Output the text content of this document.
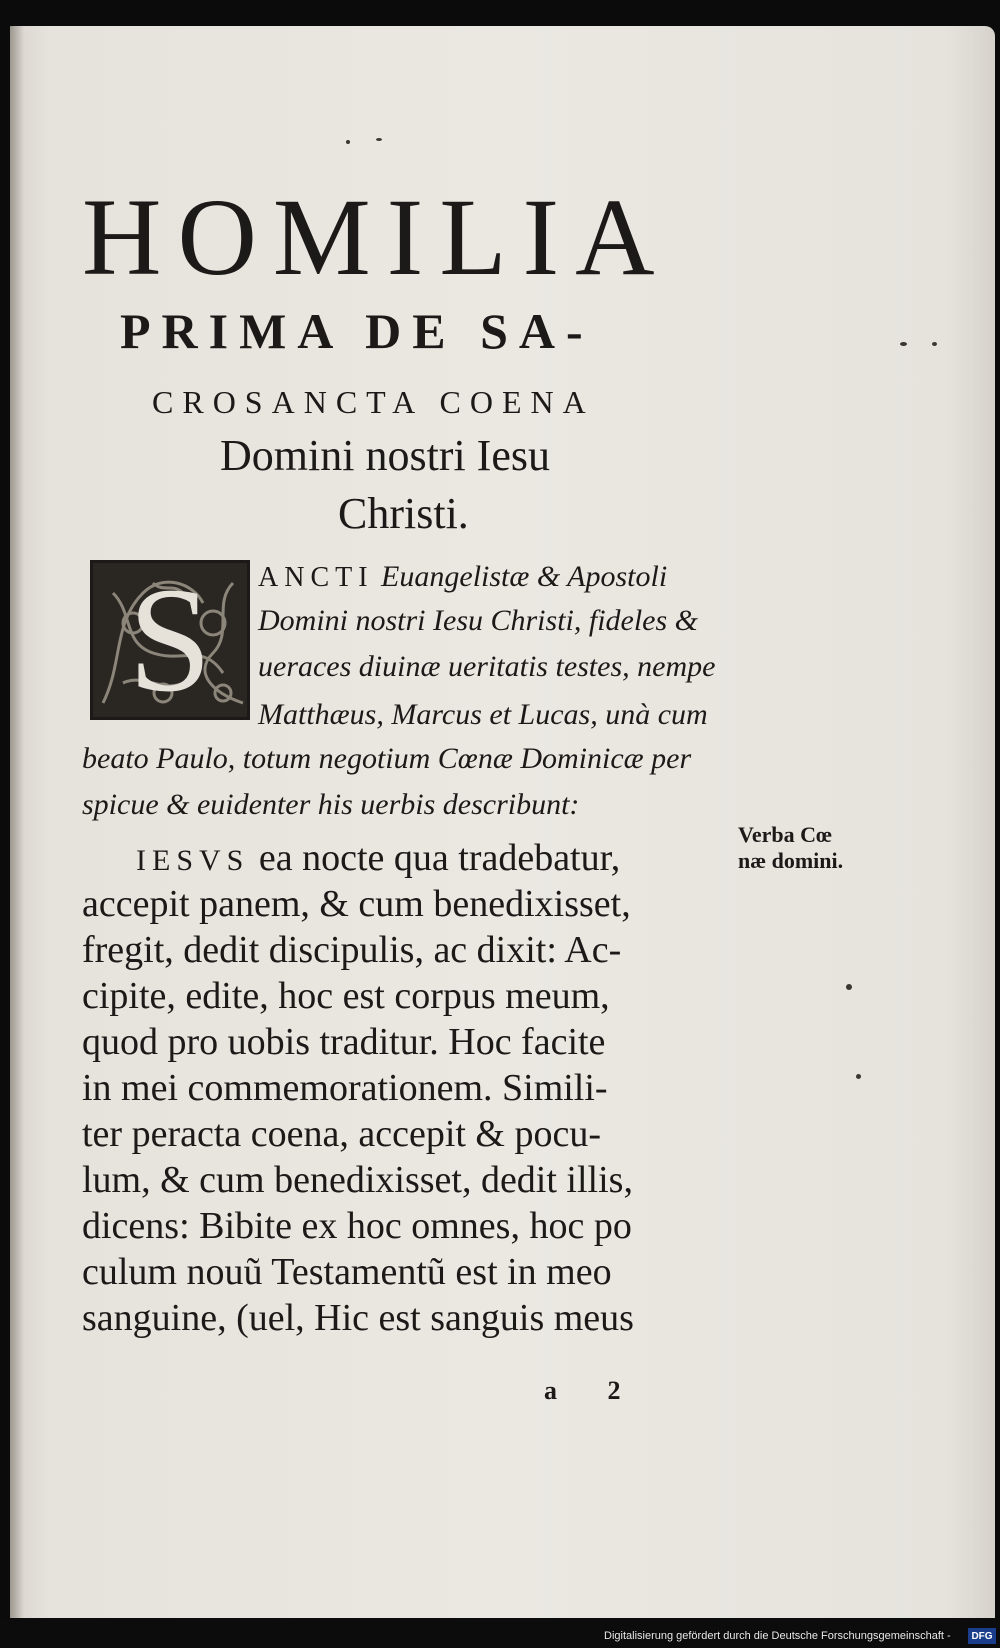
HOMILIA
PRIMA DE SA-
CROSANCTA COENA
Domini nostri Iesu
Christi.
S	ANCTI Euangelistæ & Apostoli
Domini nostri Iesu Christi, fideles &
ueraces diuinæ ueritatis testes, nempe
Matthæus, Marcus et Lucas, unà cum
beato Paulo, totum negotium Cœnæ Dominicæ per
spicue & euidenter his uerbis describunt:
Verba Cœ
næ domini.
IESVS ea nocte qua tradebatur,
accepit panem, & cum benedixisset,
fregit, dedit discipulis, ac dixit: Ac-
cipite, edite, hoc est corpus meum,
quod pro uobis traditur. Hoc facite
in mei commemorationem. Simili-
ter peracta coena, accepit & pocu-
lum, & cum benedixisset, dedit illis,
dicens: Bibite ex hoc omnes, hoc po
culum nouũ Testamentũ est in meo
sanguine, (uel, Hic est sanguis meus
a 2
Digitalisierung gefördert durch die Deutsche Forschungsgemeinschaft -	DFG
